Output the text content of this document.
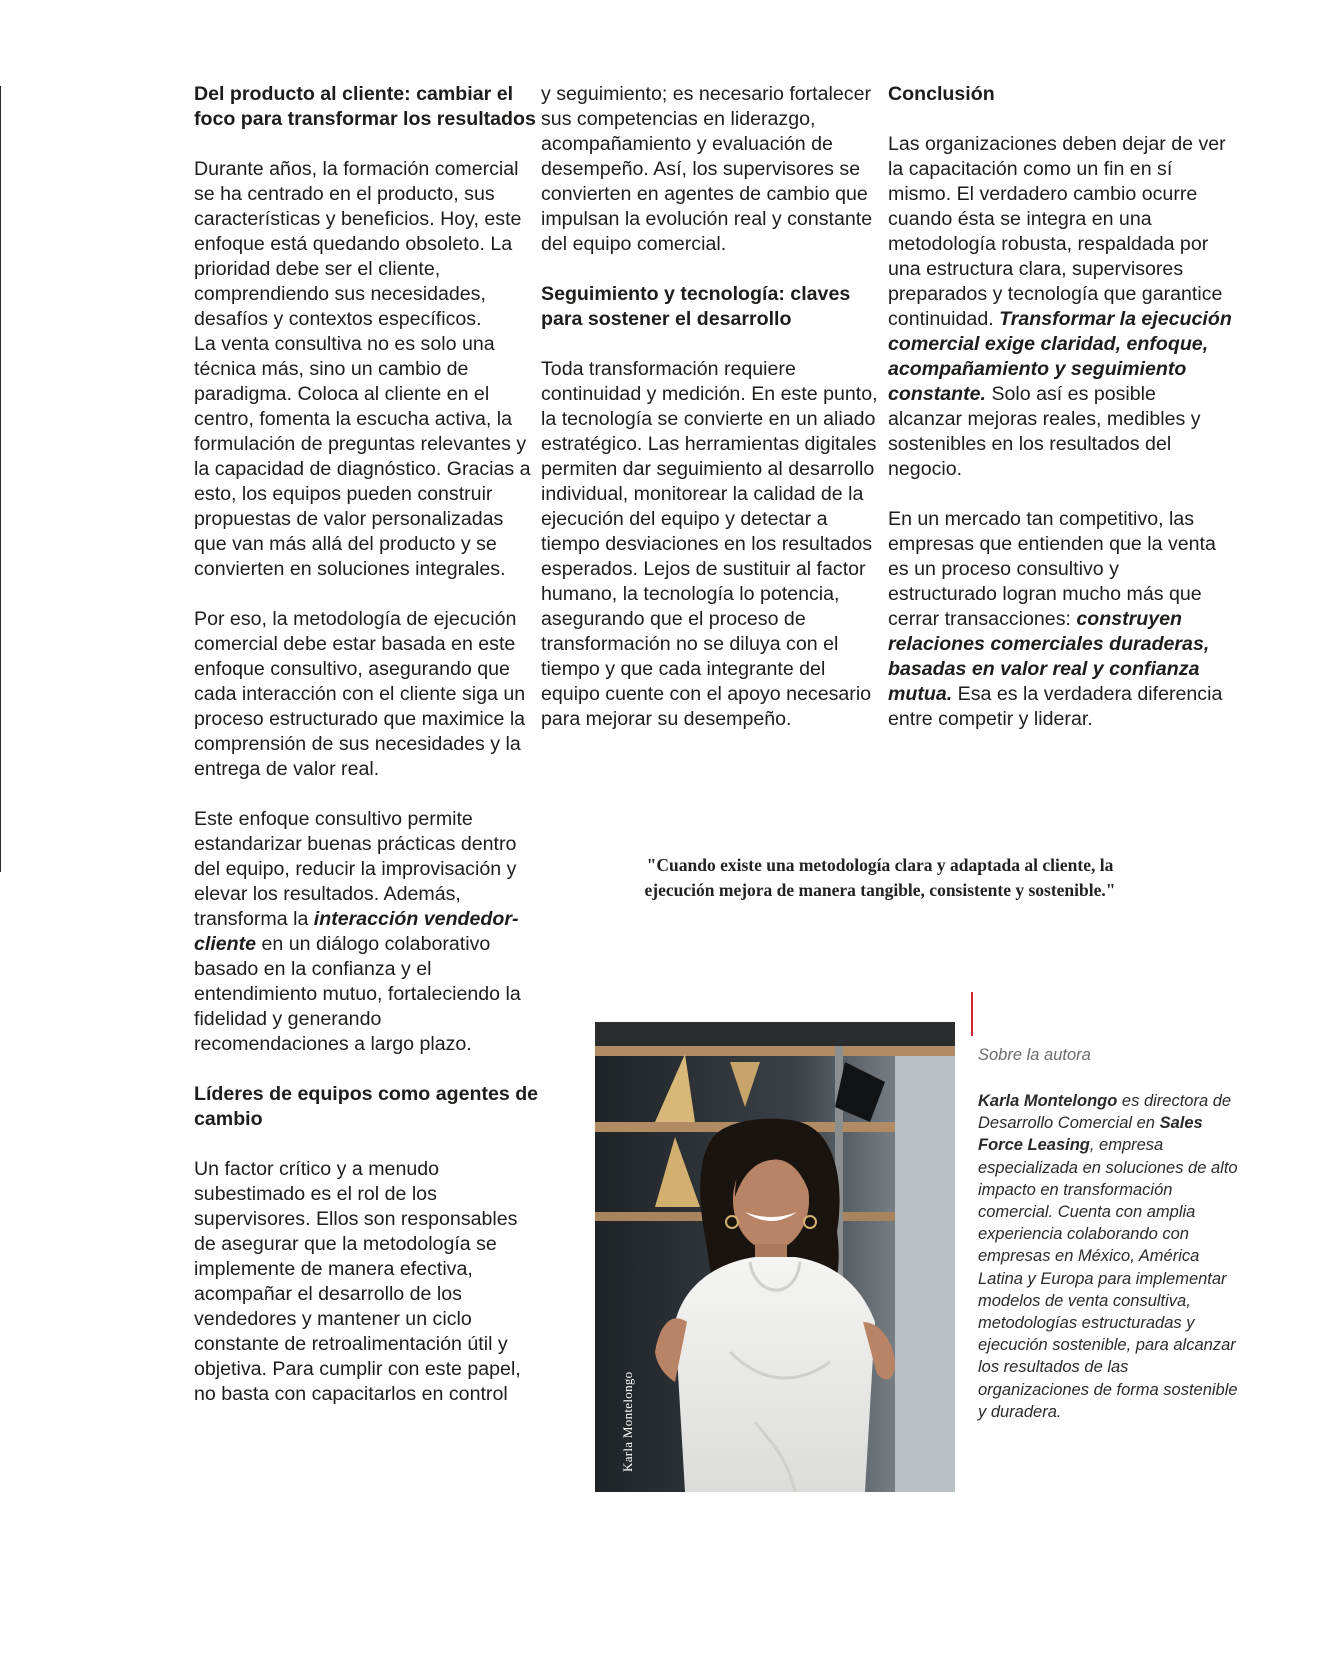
Del producto al cliente: cambiar el foco para transformar los resultados

Durante años, la formación comercial se ha centrado en el producto, sus características y beneficios. Hoy, este enfoque está quedando obsoleto. La prioridad debe ser el cliente, comprendiendo sus necesidades, desafíos y contextos específicos.

La venta consultiva no es solo una técnica más, sino un cambio de paradigma. Coloca al cliente en el centro, fomenta la escucha activa, la formulación de preguntas relevantes y la capacidad de diagnóstico. Gracias a esto, los equipos pueden construir propuestas de valor personalizadas que van más allá del producto y se convierten en soluciones integrales.

Por eso, la metodología de ejecución comercial debe estar basada en este enfoque consultivo, asegurando que cada interacción con el cliente siga un proceso estructurado que maximice la comprensión de sus necesidades y la entrega de valor real.

Este enfoque consultivo permite estandarizar buenas prácticas dentro del equipo, reducir la improvisación y elevar los resultados. Además, transforma la interacción vendedor-cliente en un diálogo colaborativo basado en la confianza y el entendimiento mutuo, fortaleciendo la fidelidad y generando recomendaciones a largo plazo.

Líderes de equipos como agentes de cambio

Un factor crítico y a menudo subestimado es el rol de los supervisores. Ellos son responsables de asegurar que la metodología se implemente de manera efectiva, acompañar el desarrollo de los vendedores y mantener un ciclo constante de retroalimentación útil y objetiva. Para cumplir con este papel, no basta con capacitarlos en control

y seguimiento; es necesario fortalecer sus competencias en liderazgo, acompañamiento y evaluación de desempeño. Así, los supervisores se convierten en agentes de cambio que impulsan la evolución real y constante del equipo comercial.

Seguimiento y tecnología: claves para sostener el desarrollo

Toda transformación requiere continuidad y medición. En este punto, la tecnología se convierte en un aliado estratégico. Las herramientas digitales permiten dar seguimiento al desarrollo individual, monitorear la calidad de la ejecución del equipo y detectar a tiempo desviaciones en los resultados esperados. Lejos de sustituir al factor humano, la tecnología lo potencia, asegurando que el proceso de transformación no se diluya con el tiempo y que cada integrante del equipo cuente con el apoyo necesario para mejorar su desempeño.

Conclusión

Las organizaciones deben dejar de ver la capacitación como un fin en sí mismo. El verdadero cambio ocurre cuando ésta se integra en una metodología robusta, respaldada por una estructura clara, supervisores preparados y tecnología que garantice continuidad. Transformar la ejecución comercial exige claridad, enfoque, acompañamiento y seguimiento constante. Solo así es posible alcanzar mejoras reales, medibles y sostenibles en los resultados del negocio.

En un mercado tan competitivo, las empresas que entienden que la venta es un proceso consultivo y estructurado logran mucho más que cerrar transacciones: construyen relaciones comerciales duraderas, basadas en valor real y confianza mutua. Esa es la verdadera diferencia entre competir y liderar.

"Cuando existe una metodología clara y adaptada al cliente, la
ejecución mejora de manera tangible, consistente y sostenible."
Karla Montelongo
Sobre la autora
Karla Montelongo es directora de Desarrollo Comercial en Sales Force Leasing, empresa especializada en soluciones de alto impacto en transformación comercial. Cuenta con amplia experiencia colaborando con empresas en México, América Latina y Europa para implementar modelos de venta consultiva, metodologías estructuradas y ejecución sostenible, para alcanzar los resultados de las organizaciones de forma sostenible y duradera.
